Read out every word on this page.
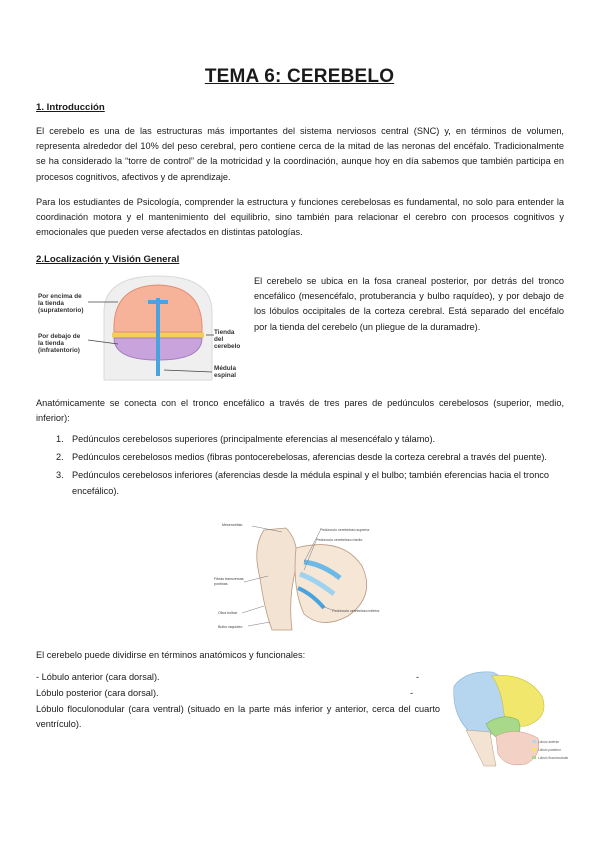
TEMA 6: CEREBELO
1. Introducción
El cerebelo es una de las estructuras más importantes del sistema nerviosos central (SNC) y, en términos de volumen, representa alrededor del 10% del peso cerebral, pero contiene cerca de la mitad de las neronas del encéfalo. Tradicionalmente se ha considerado la “torre de control” de la motricidad y la coordinación, aunque hoy en día sabemos que también participa en procesos cognitivos, afectivos y de aprendizaje.
Para los estudiantes de Psicología, comprender la estructura y funciones cerebelosas es fundamental, no solo para entender la coordinación motora y el mantenimiento del equilibrio, sino también para relacionar el cerebro con procesos cognitivos y emocionales que pueden verse afectados en distintas patologías.
2.Localización y Visión General
Por encima de
la tienda
(supratentorio)
Por debajo de
la tienda
(infratentorio)
Tienda
del
cerebelo
Médula
espinal
El cerebelo se ubica en la fosa craneal posterior, por detrás del tronco encefálico (mesencéfalo, protuberancia y bulbo raquídeo), y por debajo de los lóbulos occipitales de la corteza cerebral. Está separado del encéfalo por la tienda del cerebelo (un pliegue de la duramadre).
Anatómicamente se conecta con el tronco encefálico a través de tres pares de pedúnculos cerebelosos (superior, medio, inferior):
1. Pedúnculos cerebelosos superiores (principalmente eferencias al mesencéfalo y tálamo).
2. Pedúnculos cerebelosos medios (fibras pontocerebelosas, aferencias desde la corteza cerebral a través del puente).
3. Pedúnculos cerebelosos inferiores (aferencias desde la médula espinal y el bulbo; también eferencias hacia el tronco encefálico).
Mesencéfalo
Pedúnculo cerebeloso superior
Pedúnculo cerebeloso medio
Fibras transversas
pontinas
Oliva bulbar
Bulbo raquídeo
Pedúnculo cerebeloso inferior
El cerebelo puede dividirse en términos anatómicos y funcionales:
- Lóbulo anterior (cara dorsal).	-
Lóbulo posterior (cara dorsal).	-
Lóbulo floculonodular (cara ventral) (situado en la parte más inferior y anterior, cerca del cuarto ventrículo).
Lóbulo anterior
Lóbulo posterior
Lóbulo floculonodular
